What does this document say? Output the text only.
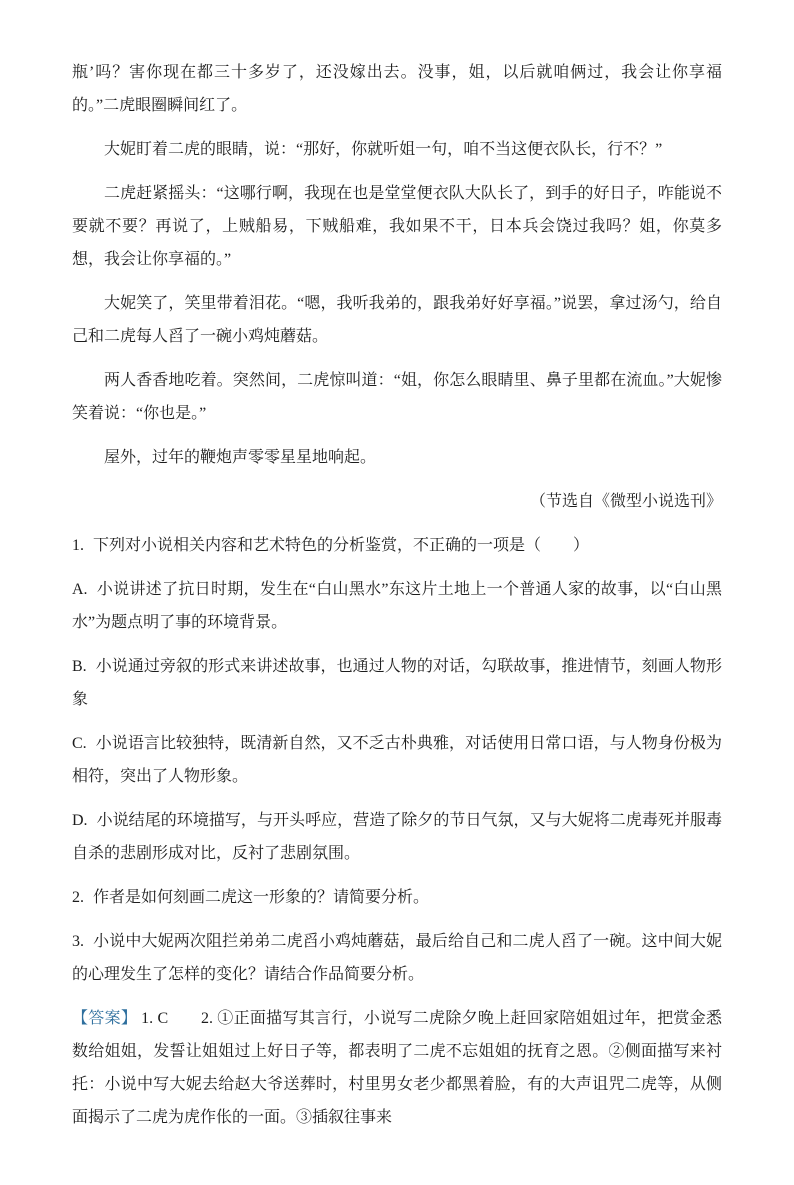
瓶’吗？害你现在都三十多岁了，还没嫁出去。没事，姐，以后就咱俩过，我会让你享福的。”二虎眼圈瞬间红了。

大妮盯着二虎的眼睛，说：“那好，你就听姐一句，咱不当这便衣队长，行不？”

二虎赶紧摇头：“这哪行啊，我现在也是堂堂便衣队大队长了，到手的好日子，咋能说不要就不要？再说了，上贼船易，下贼船难，我如果不干，日本兵会饶过我吗？姐，你莫多想，我会让你享福的。”

大妮笑了，笑里带着泪花。“嗯，我听我弟的，跟我弟好好享福。”说罢，拿过汤勺，给自己和二虎每人舀了一碗小鸡炖蘑菇。

两人香香地吃着。突然间，二虎惊叫道：“姐，你怎么眼睛里、鼻子里都在流血。”大妮惨笑着说：“你也是。”

屋外，过年的鞭炮声零零星星地响起。

（节选自《微型小说选刊》

1. 下列对小说相关内容和艺术特色的分析鉴赏，不正确的一项是（　　）

A. 小说讲述了抗日时期，发生在“白山黑水”东这片土地上一个普通人家的故事，以“白山黑水”为题点明了事的环境背景。

B. 小说通过旁叙的形式来讲述故事，也通过人物的对话，勾联故事，推进情节，刻画人物形象

C. 小说语言比较独特，既清新自然，又不乏古朴典雅，对话使用日常口语，与人物身份极为相符，突出了人物形象。

D. 小说结尾的环境描写，与开头呼应，营造了除夕的节日气氛，又与大妮将二虎毒死并服毒自杀的悲剧形成对比，反衬了悲剧氛围。

2. 作者是如何刻画二虎这一形象的？请简要分析。

3. 小说中大妮两次阻拦弟弟二虎舀小鸡炖蘑菇，最后给自己和二虎人舀了一碗。这中间大妮的心理发生了怎样的变化？请结合作品简要分析。

【答案】 1. C　　2. ①正面描写其言行，小说写二虎除夕晚上赶回家陪姐姐过年，把赏金悉数给姐姐，发誓让姐姐过上好日子等，都表明了二虎不忘姐姐的抚育之恩。②侧面描写来衬托：小说中写大妮去给赵大爷送葬时，村里男女老少都黑着脸，有的大声诅咒二虎等，从侧面揭示了二虎为虎作伥的一面。③插叙往事来
